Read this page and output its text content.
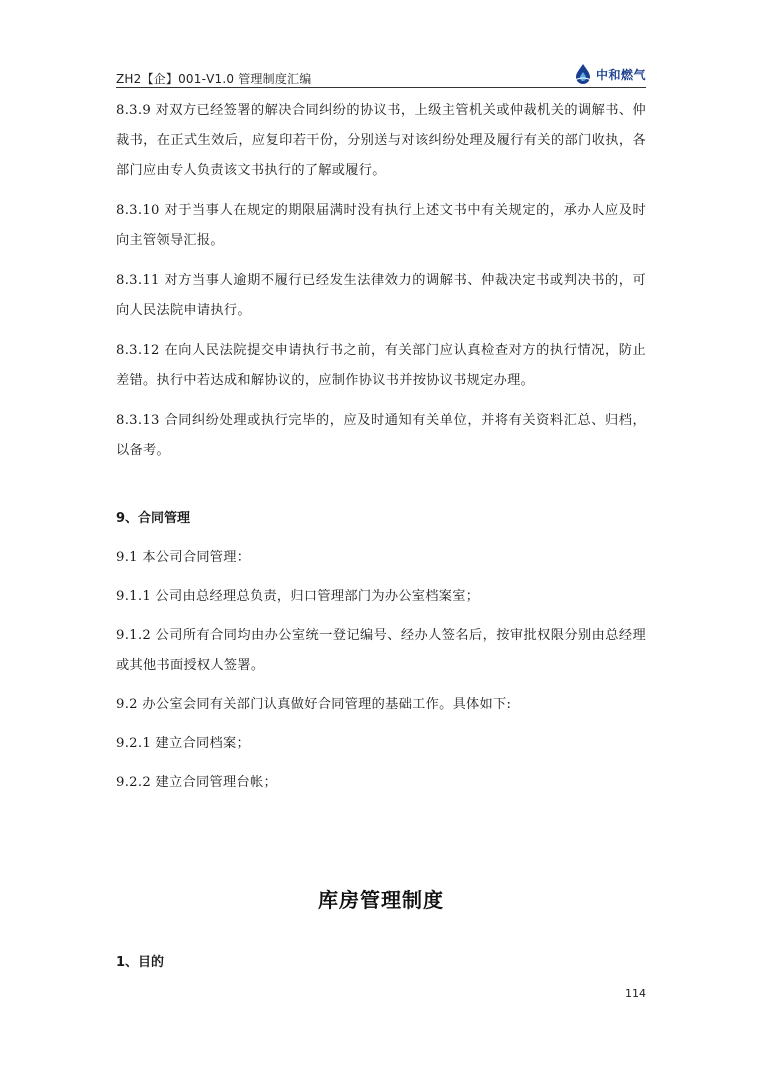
ZH2【企】001-V1.0 管理制度汇编	中和燃气

8.3.9 对双方已经签署的解决合同纠纷的协议书，上级主管机关或仲裁机关的调解书、仲裁书，在正式生效后，应复印若干份，分别送与对该纠纷处理及履行有关的部门收执，各部门应由专人负责该文书执行的了解或履行。

8.3.10 对于当事人在规定的期限届满时没有执行上述文书中有关规定的，承办人应及时向主管领导汇报。

8.3.11 对方当事人逾期不履行已经发生法律效力的调解书、仲裁决定书或判决书的，可向人民法院申请执行。

8.3.12 在向人民法院提交申请执行书之前，有关部门应认真检查对方的执行情况，防止差错。执行中若达成和解协议的，应制作协议书并按协议书规定办理。

8.3.13 合同纠纷处理或执行完毕的，应及时通知有关单位，并将有关资料汇总、归档，以备考。

9、合同管理

9.1 本公司合同管理：

9.1.1 公司由总经理总负责，归口管理部门为办公室档案室；

9.1.2 公司所有合同均由办公室统一登记编号、经办人签名后，按审批权限分别由总经理或其他书面授权人签署。

9.2 办公室会同有关部门认真做好合同管理的基础工作。具体如下:

9.2.1 建立合同档案；

9.2.2 建立合同管理台帐；

库房管理制度
1、目的
114
